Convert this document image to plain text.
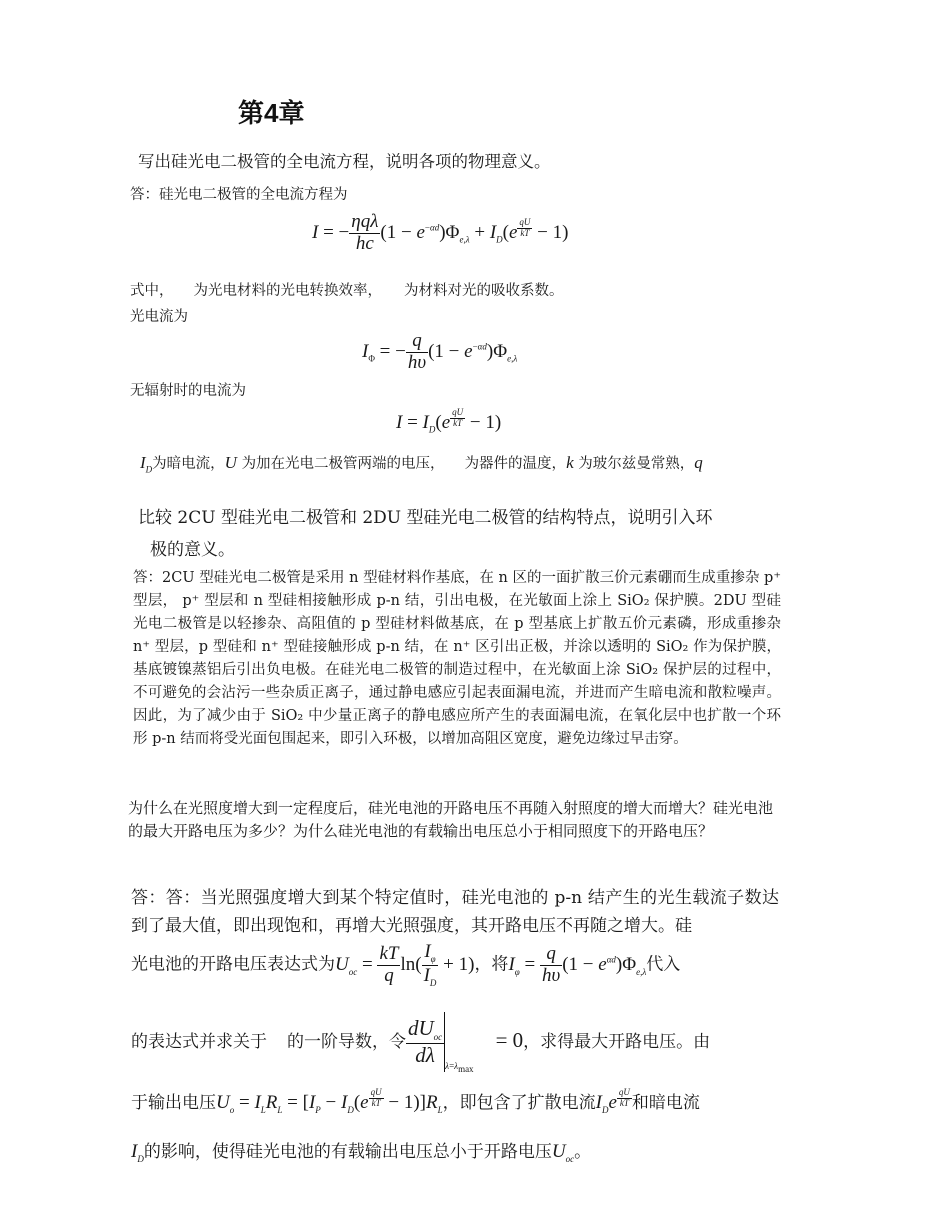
第4章
写出硅光电二极管的全电流方程，说明各项的物理意义。
答：硅光电二极管的全电流方程为
I = − $\frac{\text{ηqλ}}{hc} (1 - e^{-\alpha d})\Phi_{e,\lambda} + I_D(e$ $^{\frac{qU}{kT}}$ − 1)
式中， 为光电材料的光电转换效率， 为材料对光的吸收系数。
光电流为
$I_\Phi$ = − $\frac{q}{h\upsilon} (1 - e^{-\alpha d})\Phi_{e,\lambda}$
无辐射时的电流为
$I = I_D(e$ $^{\frac{qU}{kT}}$ − 1)
$I_D$为暗电流，U 为加在光电二极管两端的电压， 为器件的温度，k 为玻尔兹曼常熟，q
比较 2CU 型硅光电二极管和 2DU 型硅光电二极管的结构特点，说明引入环
极的意义。
答：2CU 型硅光电二极管是采用 n 型硅材料作基底，在 n 区的一面扩散三价元素硼而生成重掺杂 p⁺ 型层， p⁺ 型层和 n 型硅相接触形成 p-n 结，引出电极，在光敏面上涂上 SiO₂ 保护膜。2DU 型硅光电二极管是以轻掺杂、高阻值的 p 型硅材料做基底，在 p 型基底上扩散五价元素磷，形成重掺杂 n⁺ 型层，p 型硅和 n⁺ 型硅接触形成 p-n 结，在 n⁺ 区引出正极，并涂以透明的 SiO₂ 作为保护膜，基底镀镍蒸铝后引出负电极。在硅光电二极管的制造过程中，在光敏面上涂 SiO₂ 保护层的过程中，不可避免的会沾污一些杂质正离子，通过静电感应引起表面漏电流，并进而产生暗电流和散粒噪声。因此，为了减少由于 SiO₂ 中少量正离子的静电感应所产生的表面漏电流，在氧化层中也扩散一个环形 p-n 结而将受光面包围起来，即引入环极，以增加高阻区宽度，避免边缘过早击穿。
为什么在光照度增大到一定程度后，硅光电池的开路电压不再随入射照度的增大而增大？硅光电池的最大开路电压为多少？为什么硅光电池的有载输出电压总小于相同照度下的开路电压？
答：答：当光照强度增大到某个特定值时，硅光电池的 p-n 结产生的光生载流子数达到了最大值，即出现饱和，再增大光照强度，其开路电压不再随之增大。硅
光电池的开路电压表达式为$U_{oc} = \frac{kT}{q} \ln( \frac{I_\varphi}{I_D} + 1)$，将$I_\varphi = \frac{q}{h\upsilon} (1 - e^{\alpha d})\Phi_{e,\lambda}$代入
的表达式并求关于 的一阶导数，令 $\frac{dU_{oc}}{d\lambda} _{\lambda=\lambda_{max}}= 0$，求得最大开路电压。由
于输出电压$U_o = I_LR_L = [I_P - I_D(e$ $^{\frac{qU}{kT}} - 1)]R_L$，即包含了扩散电流$I_De$ $^{\frac{qU}{kT}}$ 和暗电流
$I_D$的影响，使得硅光电池的有载输出电压总小于开路电压$U_{oc}$。
